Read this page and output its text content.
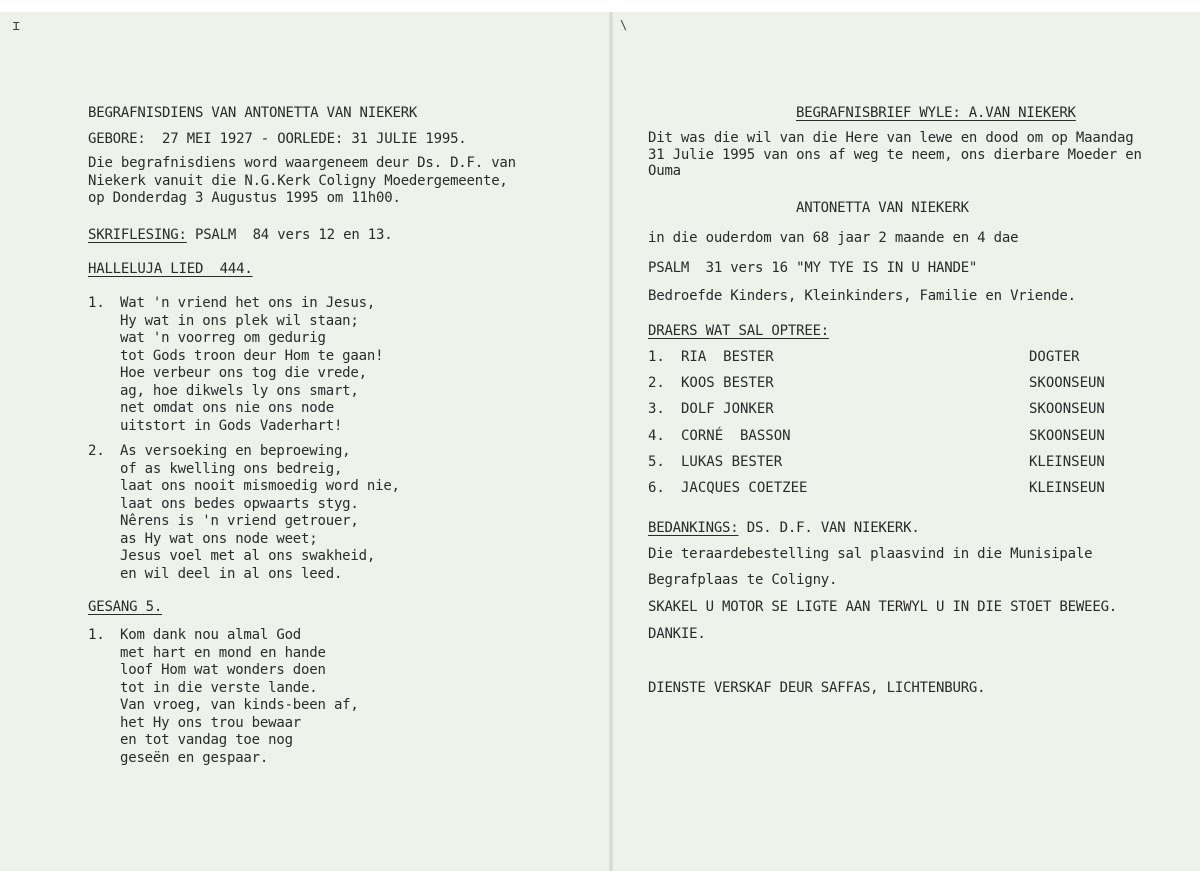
ɪ	\
BEGRAFNISDIENS VAN ANTONETTA VAN NIEKERK
GEBORE:  27 MEI 1927 - OORLEDE: 31 JULIE 1995.
Die begrafnisdiens word waargeneem deur Ds. D.F. van
Niekerk vanuit die N.G.Kerk Coligny Moedergemeente,
op Donderdag 3 Augustus 1995 om 11h00.
SKRIFLESING: PSALM  84 vers 12 en 13.
HALLELUJA LIED  444.
1. Wat 'n vriend het ons in Jesus,
Hy wat in ons plek wil staan;
wat 'n voorreg om gedurig
tot Gods troon deur Hom te gaan!
Hoe verbeur ons tog die vrede,
ag, hoe dikwels ly ons smart,
net omdat ons nie ons node
uitstort in Gods Vaderhart!
2. As versoeking en beproewing,
of as kwelling ons bedreig,
laat ons nooit mismoedig word nie,
laat ons bedes opwaarts styg.
Nêrens is 'n vriend getrouer,
as Hy wat ons node weet;
Jesus voel met al ons swakheid,
en wil deel in al ons leed.
GESANG 5.
1. Kom dank nou almal God
met hart en mond en hande
loof Hom wat wonders doen
tot in die verste lande.
Van vroeg, van kinds-been af,
het Hy ons trou bewaar
en tot vandag toe nog
geseën en gespaar.
BEGRAFNISBRIEF WYLE: A.VAN NIEKERK
Dit was die wil van die Here van lewe en dood om op Maandag
31 Julie 1995 van ons af weg te neem, ons dierbare Moeder en
Ouma
ANTONETTA VAN NIEKERK
in die ouderdom van 68 jaar 2 maande en 4 dae
PSALM  31 vers 16 "MY TYE IS IN U HANDE"
Bedroefde Kinders, Kleinkinders, Familie en Vriende.
DRAERS WAT SAL OPTREE:
1. RIA  BESTER	DOGTER
2. KOOS BESTER	SKOONSEUN
3. DOLF JONKER	SKOONSEUN
4. CORNÉ  BASSON	SKOONSEUN
5. LUKAS BESTER	KLEINSEUN
6. JACQUES COETZEE	KLEINSEUN
BEDANKINGS: DS. D.F. VAN NIEKERK.
Die teraardebestelling sal plaasvind in die Munisipale
Begrafplaas te Coligny.
SKAKEL U MOTOR SE LIGTE AAN TERWYL U IN DIE STOET BEWEEG.
DANKIE.
DIENSTE VERSKAF DEUR SAFFAS, LICHTENBURG.
